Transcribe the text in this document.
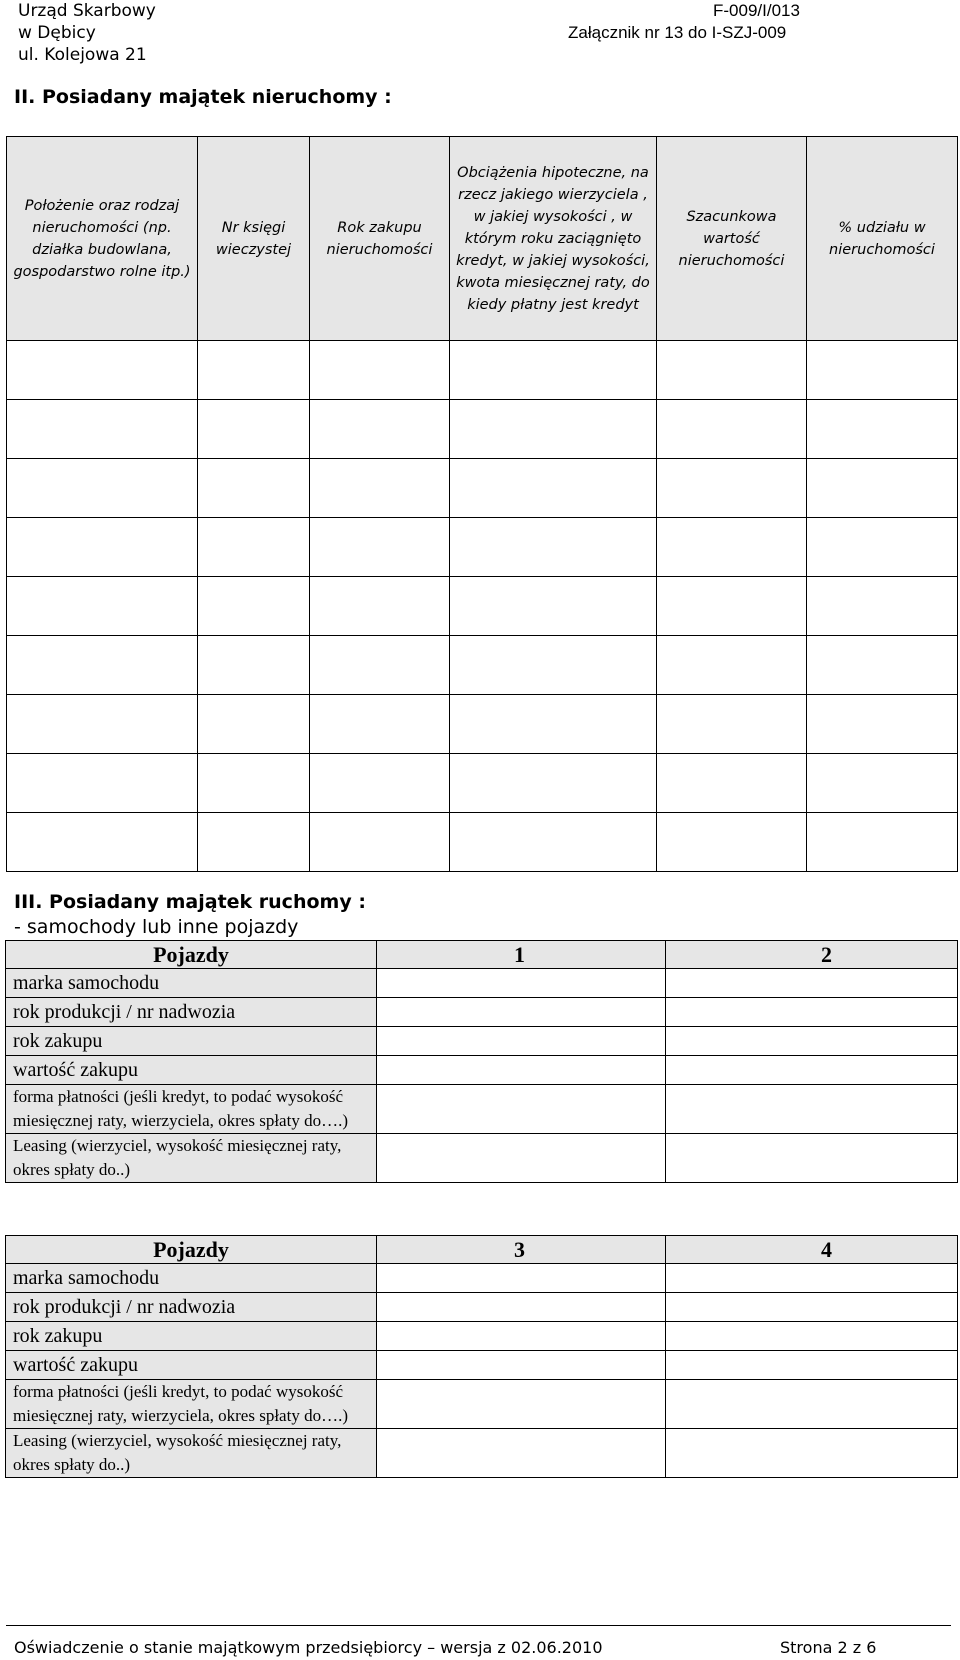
Urząd Skarbowy
w Dębicy
ul. Kolejowa 21
F-009/I/013
Załącznik nr 13 do I-SZJ-009
II. Posiadany majątek nieruchomy :
Położenie oraz rodzaj nieruchomości (np. działka budowlana, gospodarstwo rolne itp.)	Nr księgi wieczystej	Rok zakupu nieruchomości	Obciążenia hipoteczne, na rzecz jakiego wierzyciela , w jakiej wysokości , w którym roku zaciągnięto kredyt, w jakiej wysokości, kwota miesięcznej raty, do kiedy płatny jest kredyt	Szacunkowa wartość nieruchomości	% udziału w nieruchomości

III. Posiadany majątek ruchomy :
- samochody lub inne pojazdy
Pojazdy	1	2
marka samochodu		
rok produkcji / nr nadwozia		
rok zakupu		
wartość zakupu		
forma płatności (jeśli kredyt, to podać wysokość miesięcznej raty, wierzyciela, okres spłaty do….)		
Leasing (wierzyciel, wysokość miesięcznej raty, okres spłaty do..)		
Pojazdy	3	4
marka samochodu		
rok produkcji / nr nadwozia		
rok zakupu		
wartość zakupu		
forma płatności (jeśli kredyt, to podać wysokość miesięcznej raty, wierzyciela, okres spłaty do….)		
Leasing (wierzyciel, wysokość miesięcznej raty, okres spłaty do..)		
Oświadczenie o stanie majątkowym przedsiębiorcy – wersja z 02.06.2010	Strona 2 z 6
